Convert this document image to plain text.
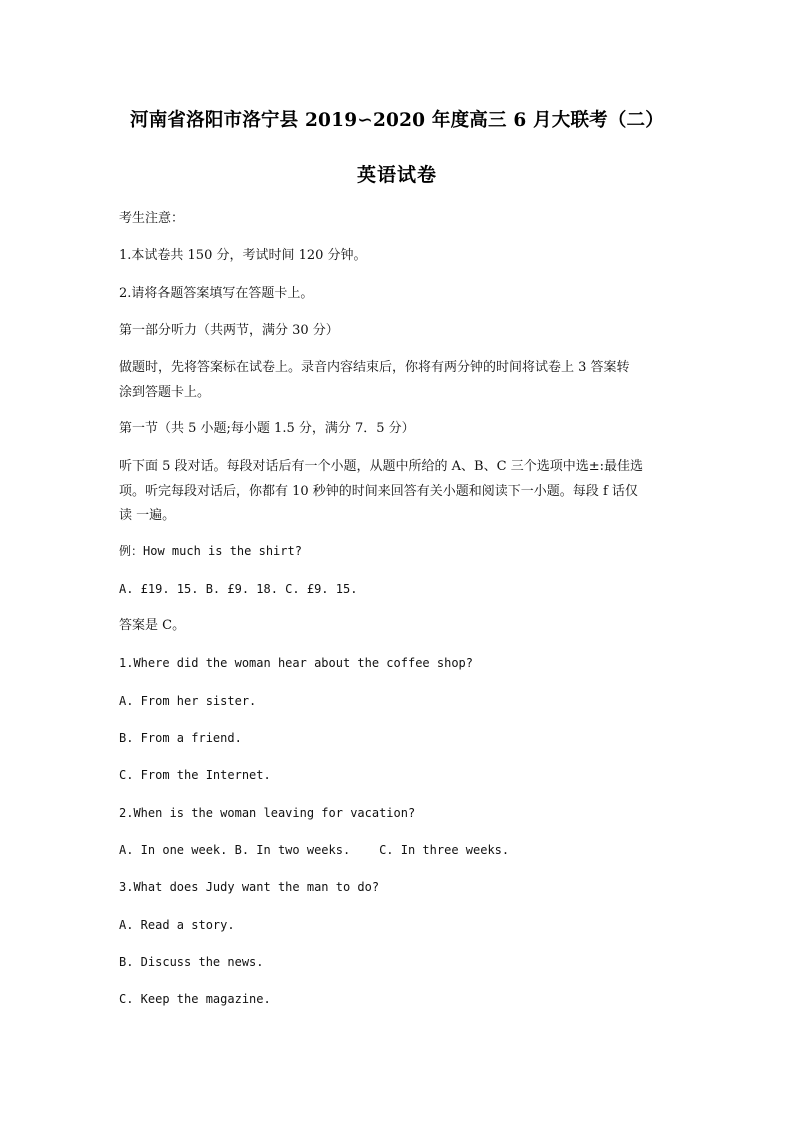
河南省洛阳市洛宁县 2019∽2020 年度高三 6 月大联考（二）
英语试卷
考生注意：
1.本试卷共 150 分，考试时间 120 分钟。
2.请将各题答案填写在答题卡上。
第一部分听力（共两节，满分 30 分）
做题时，先将答案标在试卷上。录音内容结束后，你将有两分钟的时间将试卷上 3 答案转
涂到答题卡上。
第一节（共 5 小题;每小题 1.5 分，满分 7．5 分）
听下面 5 段对话。每段对话后有一个小题，从题中所给的 A、B、C 三个选项中选±:最佳选
项。听完每段对话后，你都有 10 秒钟的时间来回答有关小题和阅读下一小题。每段 f 话仅
读 一遍。
例：How much is the shirt?
A. £19. 15. B. £9. 18. C. £9. 15.
答案是 C。
1.Where did the woman hear about the coffee shop?
A. From her sister.
B. From a friend.
C. From the Internet.
2.When is the woman leaving for vacation?
A. In one week. B. In two weeks.    C. In three weeks.
3.What does Judy want the man to do?
A. Read a story.
B. Discuss the news.
C. Keep the magazine.
